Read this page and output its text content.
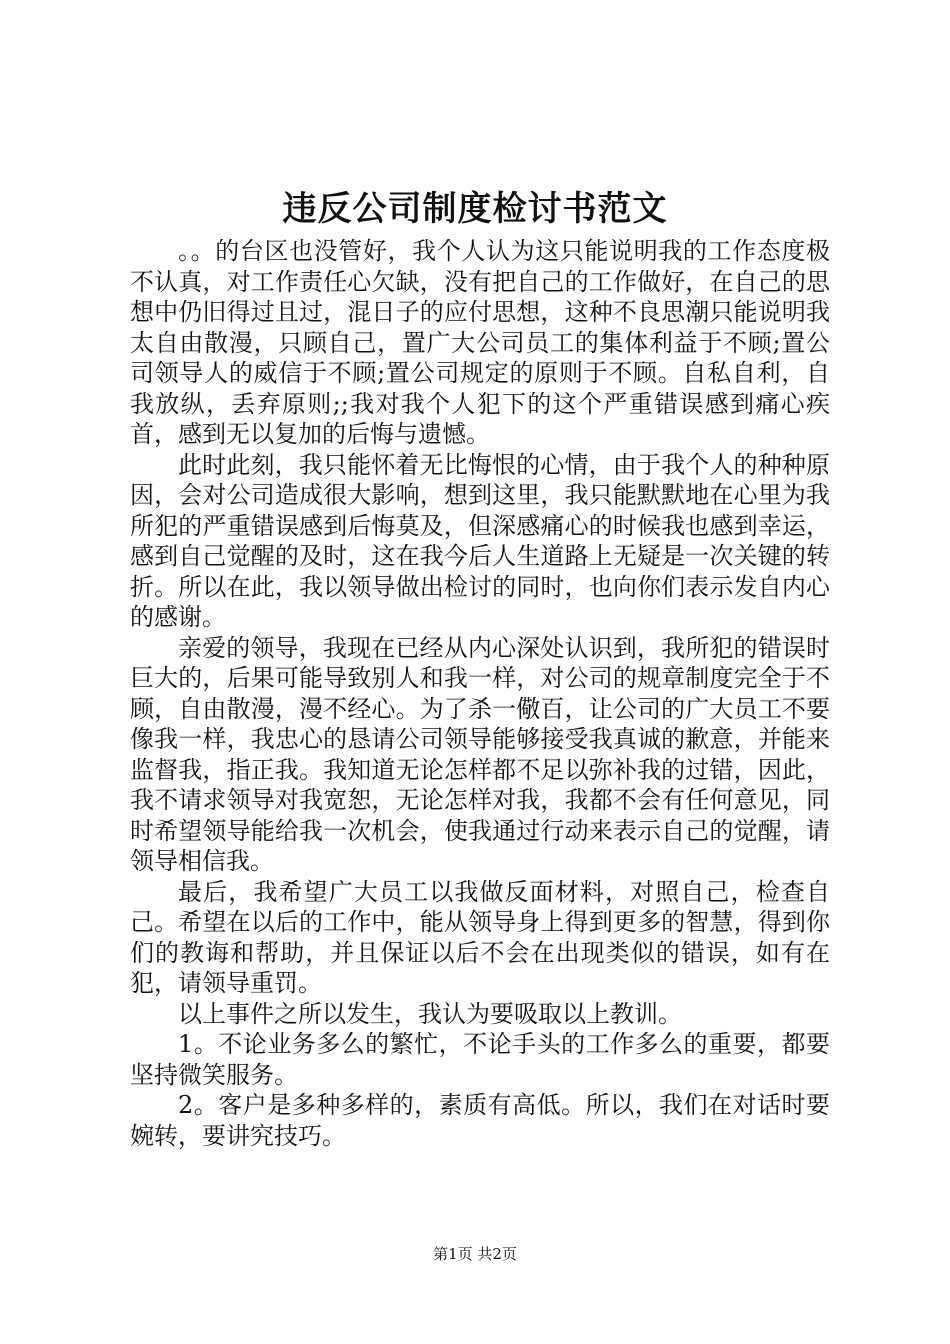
违反公司制度检讨书范文

。。的台区也没管好，我个人认为这只能说明我的工作态度极不认真，对工作责任心欠缺，没有把自己的工作做好，在自己的思想中仍旧得过且过，混日子的应付思想，这种不良思潮只能说明我太自由散漫，只顾自己，置广大公司员工的集体利益于不顾;置公司领导人的威信于不顾;置公司规定的原则于不顾。自私自利，自我放纵，丢弃原则;;我对我个人犯下的这个严重错误感到痛心疾首，感到无以复加的后悔与遗憾。

此时此刻，我只能怀着无比悔恨的心情，由于我个人的种种原因，会对公司造成很大影响，想到这里，我只能默默地在心里为我所犯的严重错误感到后悔莫及，但深感痛心的时候我也感到幸运，感到自己觉醒的及时，这在我今后人生道路上无疑是一次关键的转折。所以在此，我以领导做出检讨的同时，也向你们表示发自内心的感谢。

亲爱的领导，我现在已经从内心深处认识到，我所犯的错误时巨大的，后果可能导致别人和我一样，对公司的规章制度完全于不顾，自由散漫，漫不经心。为了杀一儆百，让公司的广大员工不要像我一样，我忠心的恳请公司领导能够接受我真诚的歉意，并能来监督我，指正我。我知道无论怎样都不足以弥补我的过错，因此，我不请求领导对我宽恕，无论怎样对我，我都不会有任何意见，同时希望领导能给我一次机会，使我通过行动来表示自己的觉醒，请领导相信我。

最后，我希望广大员工以我做反面材料，对照自己，检查自己。希望在以后的工作中，能从领导身上得到更多的智慧，得到你们的教诲和帮助，并且保证以后不会在出现类似的错误，如有在犯，请领导重罚。

以上事件之所以发生，我认为要吸取以上教训。

1。不论业务多么的繁忙，不论手头的工作多么的重要，都要坚持微笑服务。

2。客户是多种多样的，素质有高低。所以，我们在对话时要婉转，要讲究技巧。

第1页 共2页
